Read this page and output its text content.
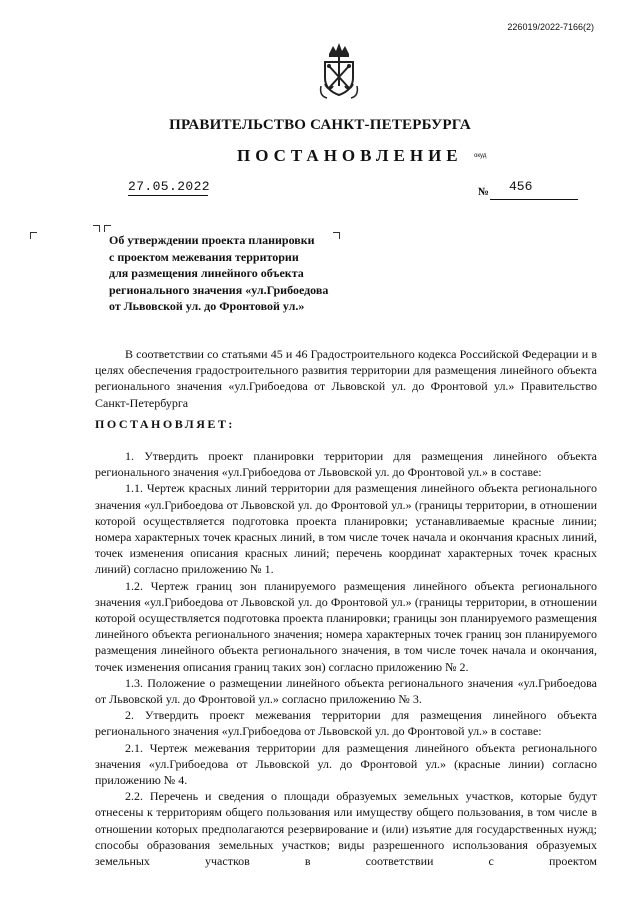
226019/2022-7166(2)
ПРАВИТЕЛЬСТВО САНКТ-ПЕТЕРБУРГА
ПОСТАНОВЛЕНИЕ окуд
27.05.2022	№ 456
Об утверждении проекта планировки
с проектом межевания территории
для размещения линейного объекта
регионального значения «ул.Грибоедова
от Львовской ул. до Фронтовой ул.»
В соответствии со статьями 45 и 46 Градостроительного кодекса Российской Федерации и в целях обеспечения градостроительного развития территории для размещения линейного объекта регионального значения «ул.Грибоедова от Львовской ул. до Фронтовой ул.» Правительство Санкт-Петербурга
ПОСТАНОВЛЯЕТ:

1. Утвердить проект планировки территории для размещения линейного объекта регионального значения «ул.Грибоедова от Львовской ул. до Фронтовой ул.» в составе:

1.1. Чертеж красных линий территории для размещения линейного объекта регионального значения «ул.Грибоедова от Львовской ул. до Фронтовой ул.» (границы территории, в отношении которой осуществляется подготовка проекта планировки; устанавливаемые красные линии; номера характерных точек красных линий, в том числе точек начала и окончания красных линий, точек изменения описания красных линий; перечень координат характерных точек красных линий) согласно приложению № 1.

1.2. Чертеж границ зон планируемого размещения линейного объекта регионального значения «ул.Грибоедова от Львовской ул. до Фронтовой ул.» (границы территории, в отношении которой осуществляется подготовка проекта планировки; границы зон планируемого размещения линейного объекта регионального значения; номера характерных точек границ зон планируемого размещения линейного объекта регионального значения, в том числе точек начала и окончания, точек изменения описания границ таких зон) согласно приложению № 2.

1.3. Положение о размещении линейного объекта регионального значения «ул.Грибоедова от Львовской ул. до Фронтовой ул.» согласно приложению № 3.

2. Утвердить проект межевания территории для размещения линейного объекта регионального значения «ул.Грибоедова от Львовской ул. до Фронтовой ул.» в составе:

2.1. Чертеж межевания территории для размещения линейного объекта регионального значения «ул.Грибоедова от Львовской ул. до Фронтовой ул.» (красные линии) согласно приложению № 4.

2.2. Перечень и сведения о площади образуемых земельных участков, которые будут отнесены к территориям общего пользования или имуществу общего пользования, в том числе в отношении которых предполагаются резервирование и (или) изъятие для государственных нужд; способы образования земельных участков; виды разрешенного использования образуемых земельных участков в соответствии с проектом
